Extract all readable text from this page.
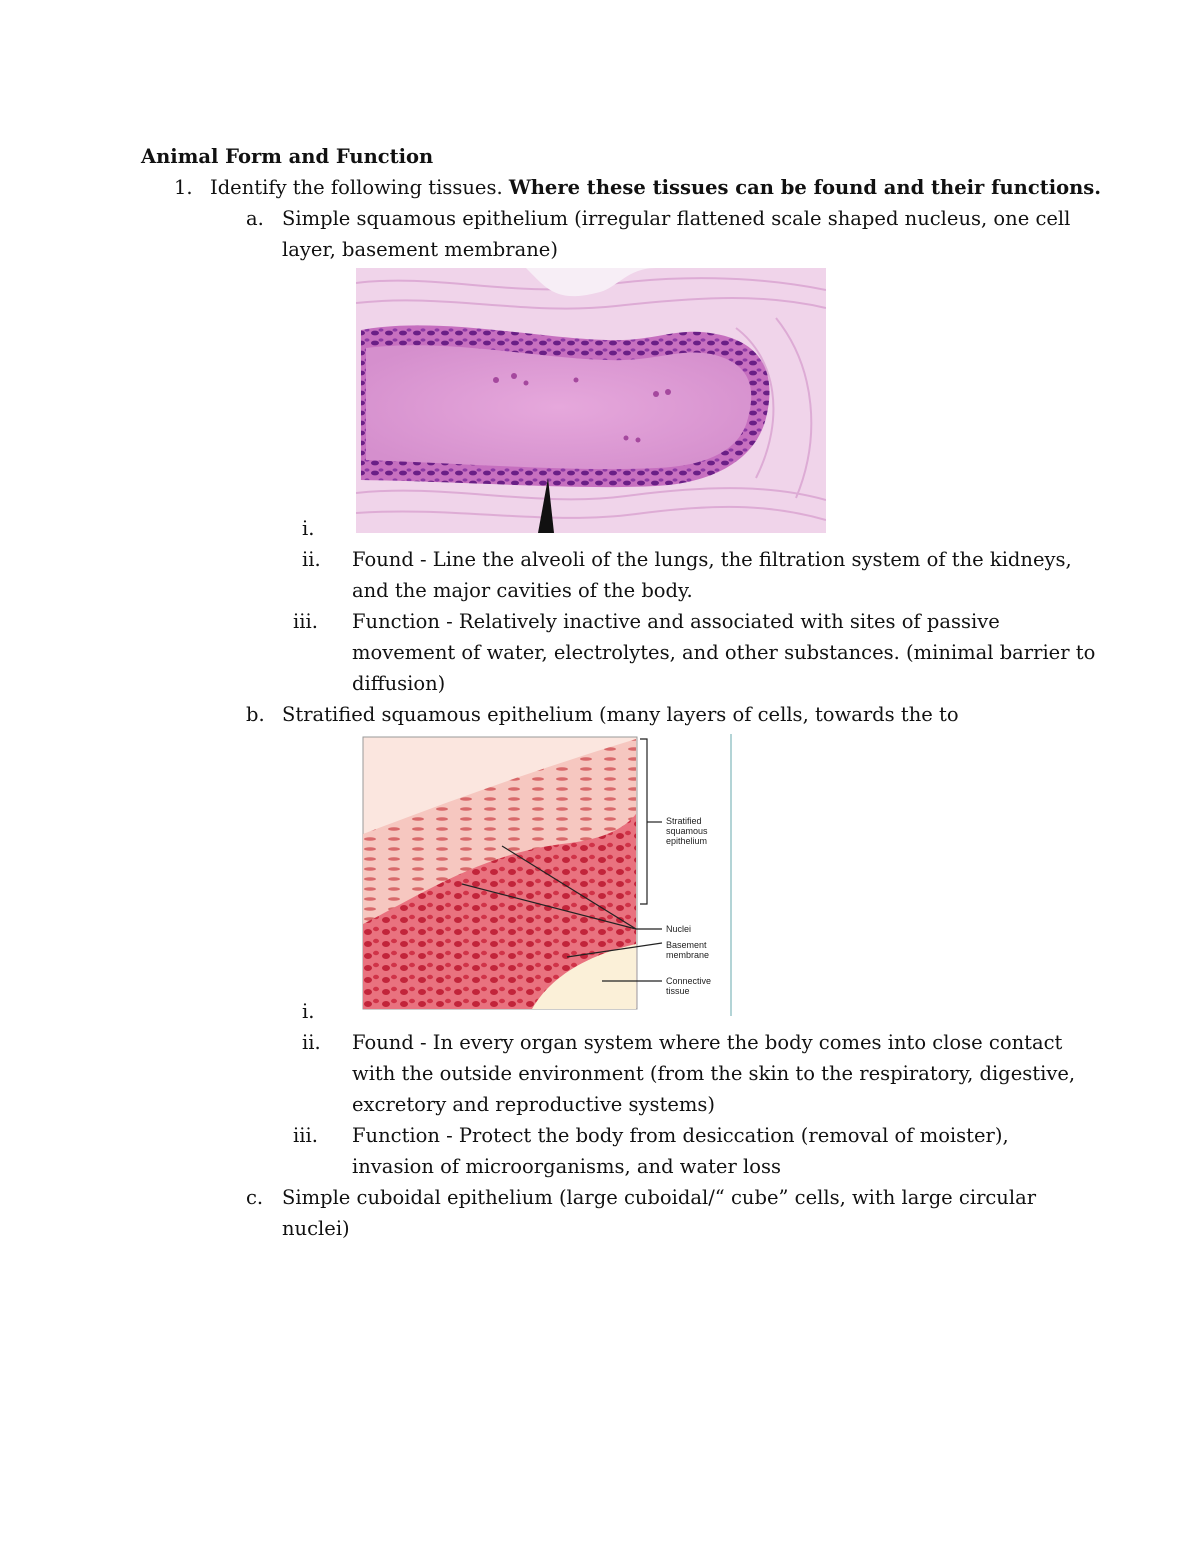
Animal Form and Function
1. Identify the following tissues. Where these tissues can be found and their functions.
a. Simple squamous epithelium (irregular flattened scale shaped nucleus, one cell
layer, basement membrane)
i.
ii. Found - Line the alveoli of the lungs, the filtration system of the kidneys,
and the major cavities of the body.
iii. Function - Relatively inactive and associated with sites of passive
movement of water, electrolytes, and other substances. (minimal barrier to
diffusion)
b. Stratified squamous epithelium (many layers of cells, towards the to
Stratified
squamous
epithelium
Nuclei
Basement
membrane
Connective
tissue
i.
ii. Found - In every organ system where the body comes into close contact
with the outside environment (from the skin to the respiratory, digestive,
excretory and reproductive systems)
iii. Function - Protect the body from desiccation (removal of moister),
invasion of microorganisms, and water loss
c. Simple cuboidal epithelium (large cuboidal/“ cube” cells, with large circular
nuclei)
